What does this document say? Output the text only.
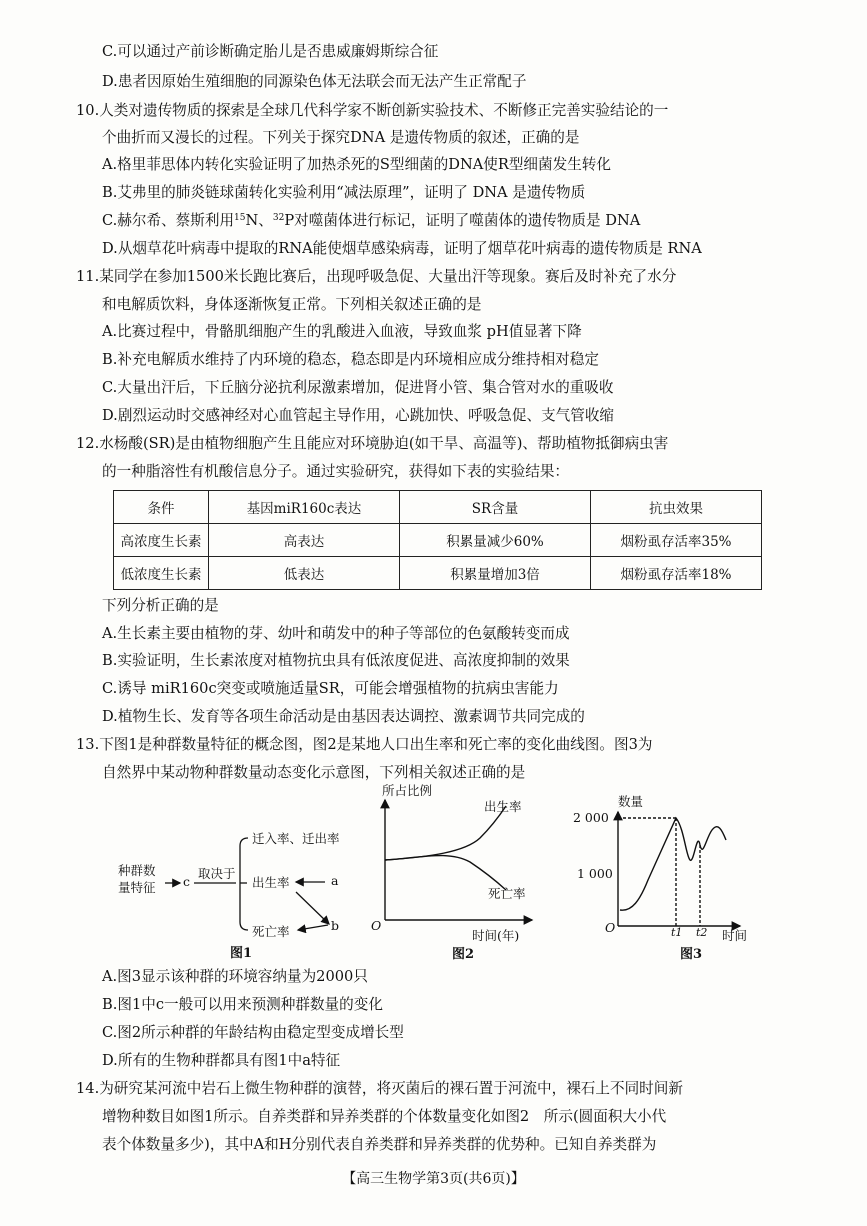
C.可以通过产前诊断确定胎儿是否患威廉姆斯综合征
D.患者因原始生殖细胞的同源染色体无法联会而无法产生正常配子
10.人类对遗传物质的探索是全球几代科学家不断创新实验技术、不断修正完善实验结论的一
个曲折而又漫长的过程。下列关于探究DNA 是遗传物质的叙述，正确的是
A.格里菲思体内转化实验证明了加热杀死的S型细菌的DNA使R型细菌发生转化
B.艾弗里的肺炎链球菌转化实验利用“减法原理”，证明了 DNA 是遗传物质
C.赫尔希、蔡斯利用$^{15}$N、$^{32}$P对噬菌体进行标记，证明了噬菌体的遗传物质是 DNA
D.从烟草花叶病毒中提取的RNA能使烟草感染病毒，证明了烟草花叶病毒的遗传物质是 RNA
11.某同学在参加1500米长跑比赛后，出现呼吸急促、大量出汗等现象。赛后及时补充了水分
和电解质饮料，身体逐渐恢复正常。下列相关叙述正确的是
A.比赛过程中，骨骼肌细胞产生的乳酸进入血液，导致血浆 pH值显著下降
B.补充电解质水维持了内环境的稳态，稳态即是内环境相应成分维持相对稳定
C.大量出汗后，下丘脑分泌抗利尿激素增加，促进肾小管、集合管对水的重吸收
D.剧烈运动时交感神经对心血管起主导作用，心跳加快、呼吸急促、支气管收缩
12.水杨酸(SR)是由植物细胞产生且能应对环境胁迫(如干旱、高温等)、帮助植物抵御病虫害
的一种脂溶性有机酸信息分子。通过实验研究，获得如下表的实验结果：
条件	基因miR160c表达	SR含量	抗虫效果
高浓度生长素	高表达	积累量减少60%	烟粉虱存活率35%
低浓度生长素	低表达	积累量增加3倍	烟粉虱存活率18%
下列分析正确的是
A.生长素主要由植物的芽、幼叶和萌发中的种子等部位的色氨酸转变而成
B.实验证明，生长素浓度对植物抗虫具有低浓度促进、高浓度抑制的效果
C.诱导 miR160c突变或喷施适量SR，可能会增强植物的抗病虫害能力
D.植物生长、发育等各项生命活动是由基因表达调控、激素调节共同完成的
13.下图1是种群数量特征的概念图，图2是某地人口出生率和死亡率的变化曲线图。图3为
自然界中某动物种群数量动态变化示意图，下列相关叙述正确的是
种群数
量特征 c
取决于
迁入率、迁出率
出生率
死亡率
a
b
图1
所占比例
出生率
死亡率
O
时间(年)
图2
数量
2 000
1 000
O	t1 t2 时间
图3
A.图3显示该种群的环境容纳量为2000只
B.图1中c一般可以用来预测种群数量的变化
C.图2所示种群的年龄结构由稳定型变成增长型
D.所有的生物种群都具有图1中a特征
14.为研究某河流中岩石上微生物种群的演替，将灭菌后的裸石置于河流中，裸石上不同时间新
增物种数目如图1所示。自养类群和异养类群的个体数量变化如图2　所示(圆面积大小代
表个体数量多少)，其中A和H分别代表自养类群和异养类群的优势种。已知自养类群为
【高三生物学第3页(共6页)】
